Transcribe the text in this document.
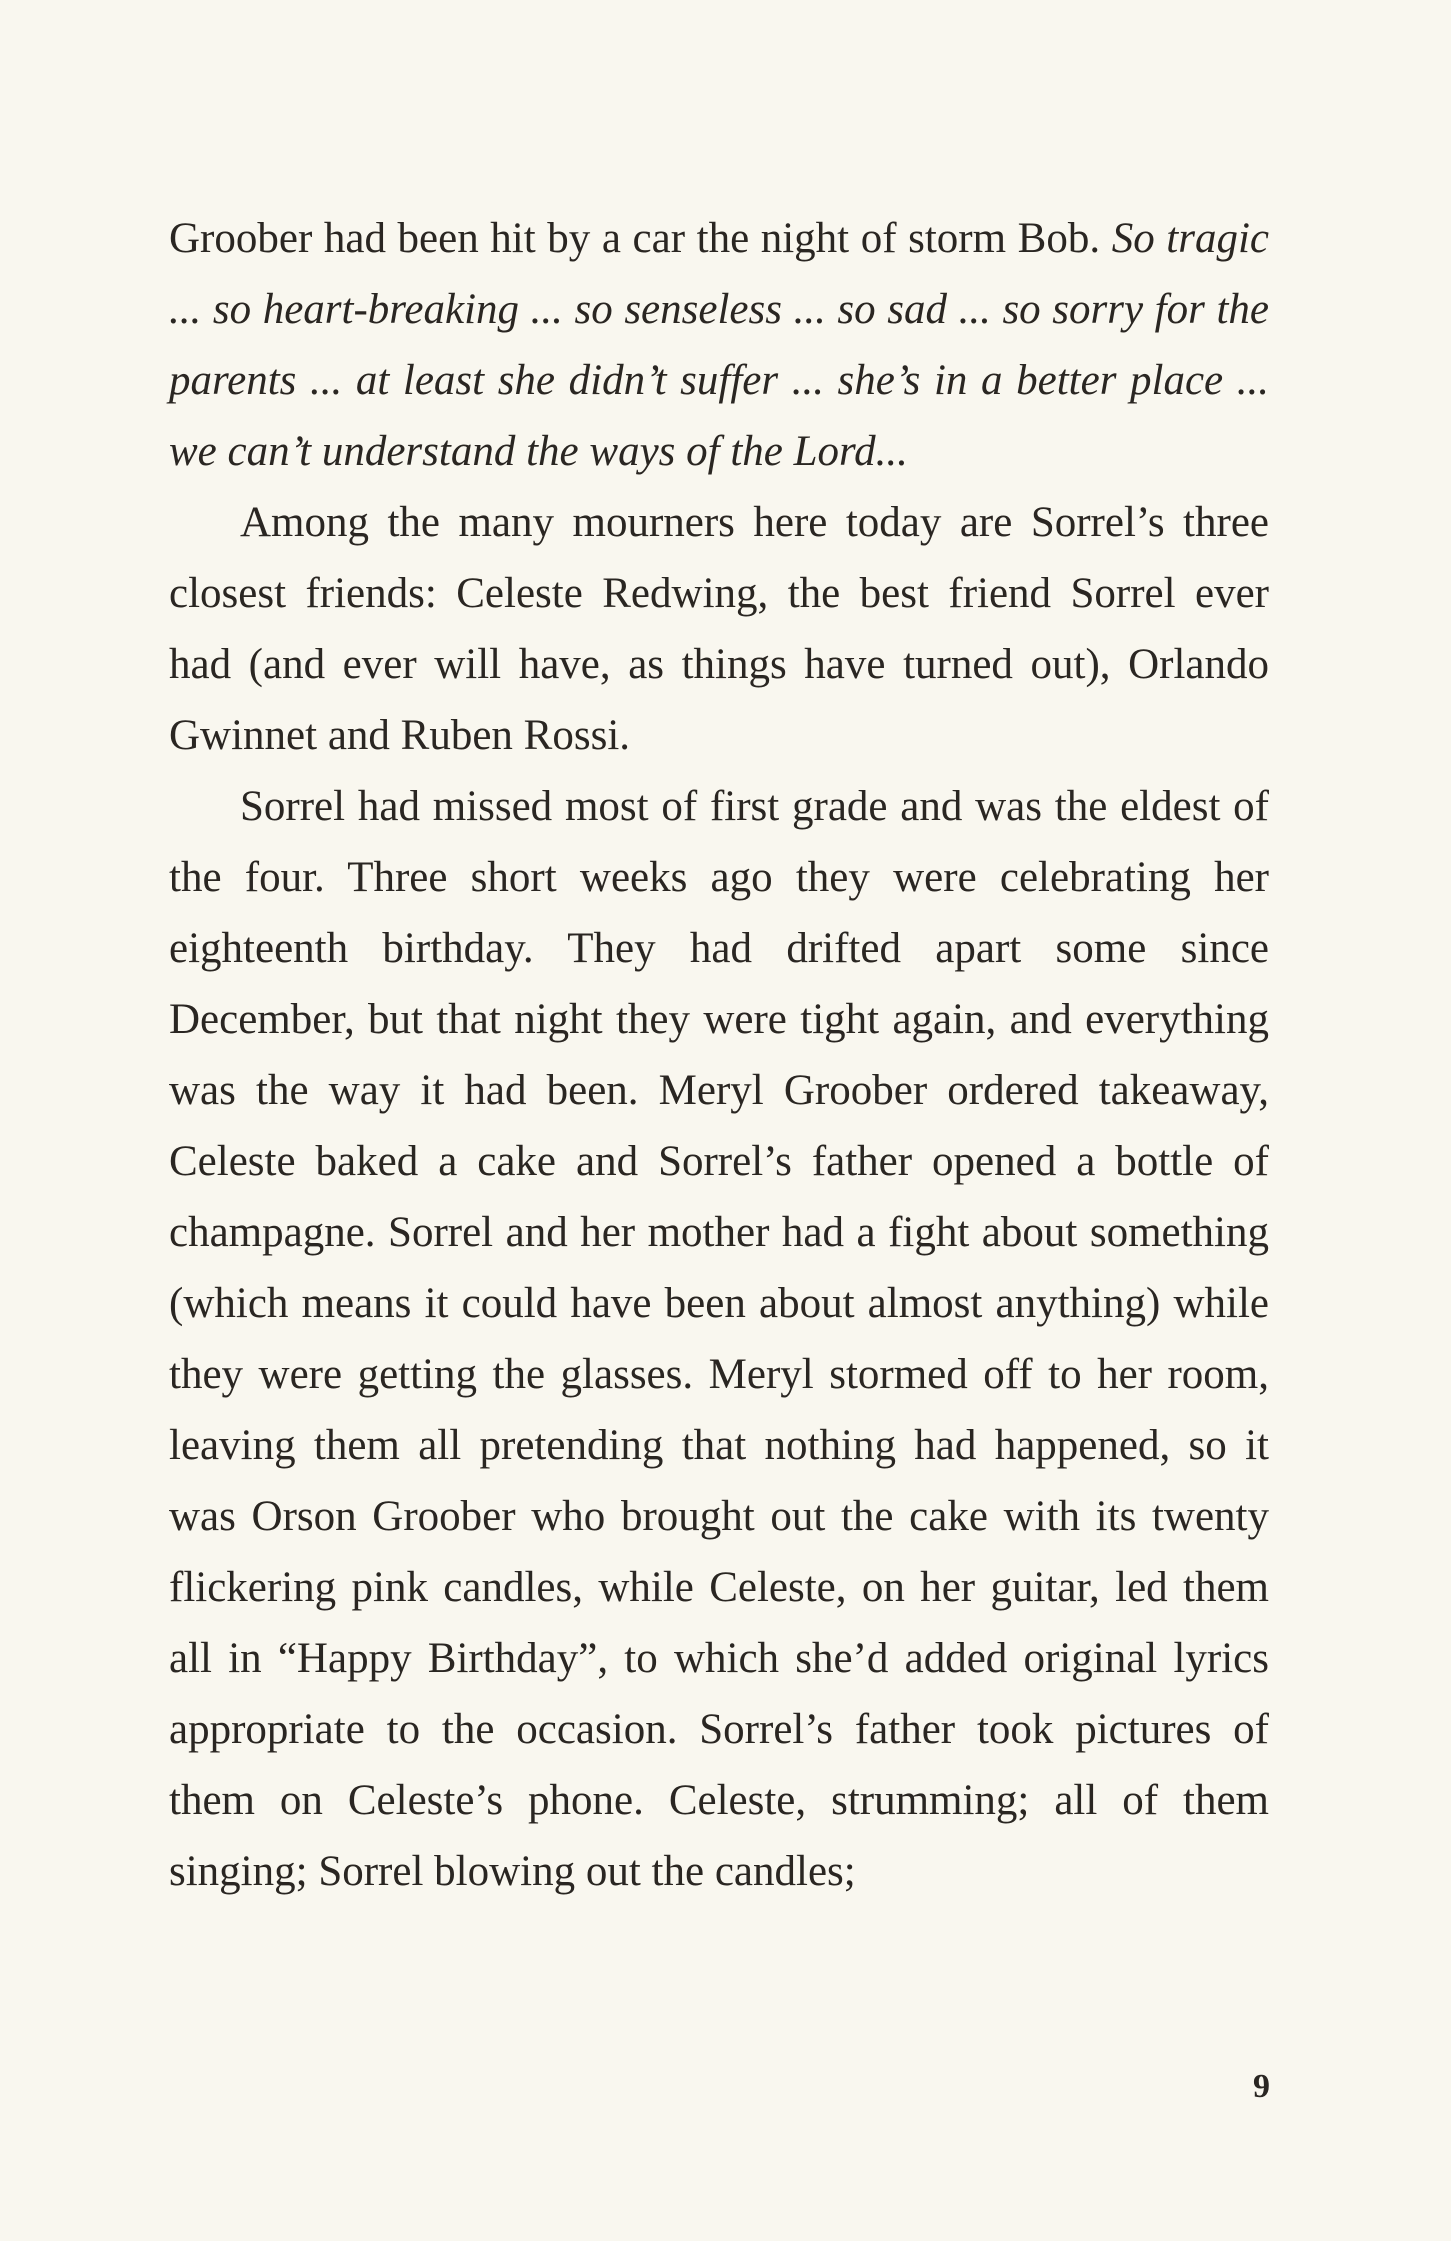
Groober had been hit by a car the night of storm Bob. So tragic ... so heart-breaking ... so senseless ... so sad ... so sorry for the parents ... at least she didn’t suffer ... she’s in a better place ... we can’t understand the ways of the Lord...

Among the many mourners here today are Sorrel’s three closest friends: Celeste Redwing, the best friend Sorrel ever had (and ever will have, as things have turned out), Orlando Gwinnet and Ruben Rossi.

Sorrel had missed most of first grade and was the eldest of the four. Three short weeks ago they were celebrating her eighteenth birthday. They had drifted apart some since December, but that night they were tight again, and everything was the way it had been. Meryl Groober ordered takeaway, Celeste baked a cake and Sorrel’s father opened a bottle of champagne. Sorrel and her mother had a fight about something (which means it could have been about almost anything) while they were getting the glasses. Meryl stormed off to her room, leaving them all pretending that nothing had happened, so it was Orson Groober who brought out the cake with its twenty flickering pink candles, while Celeste, on her guitar, led them all in “Happy Birthday”, to which she’d added original lyrics appropriate to the occasion. Sorrel’s father took pictures of them on Celeste’s phone. Celeste, strumming; all of them singing; Sorrel blowing out the candles;

9
